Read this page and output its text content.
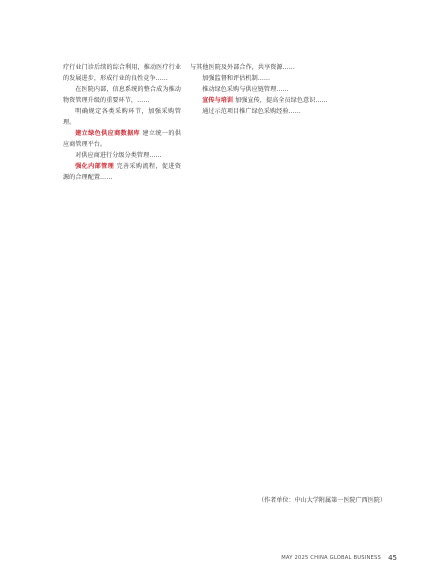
疗行业门诊后续的综合利用，推动医疗行业的发展进步，形成行业的良性竞争……

在医院内部，信息系统的整合成为推动物资管理升级的重要环节，……

明确规定各类采购环节，加强采购管理。

建立绿色供应商数据库 建立统一的供应商管理平台。

对供应商进行分级分类管理……

强化内部管理 完善采购流程，促进资源的合理配置……

与其他医院及外部合作，共享资源……

加强监督和评估机制……

推动绿色采购与供应链管理……

宣传与培训 加强宣传，提高全员绿色意识……

通过示范项目推广绿色采购经验……

（作者单位：中山大学附属第一医院广西医院）
MAY 2025 CHINA GLOBAL BUSINESS 45
